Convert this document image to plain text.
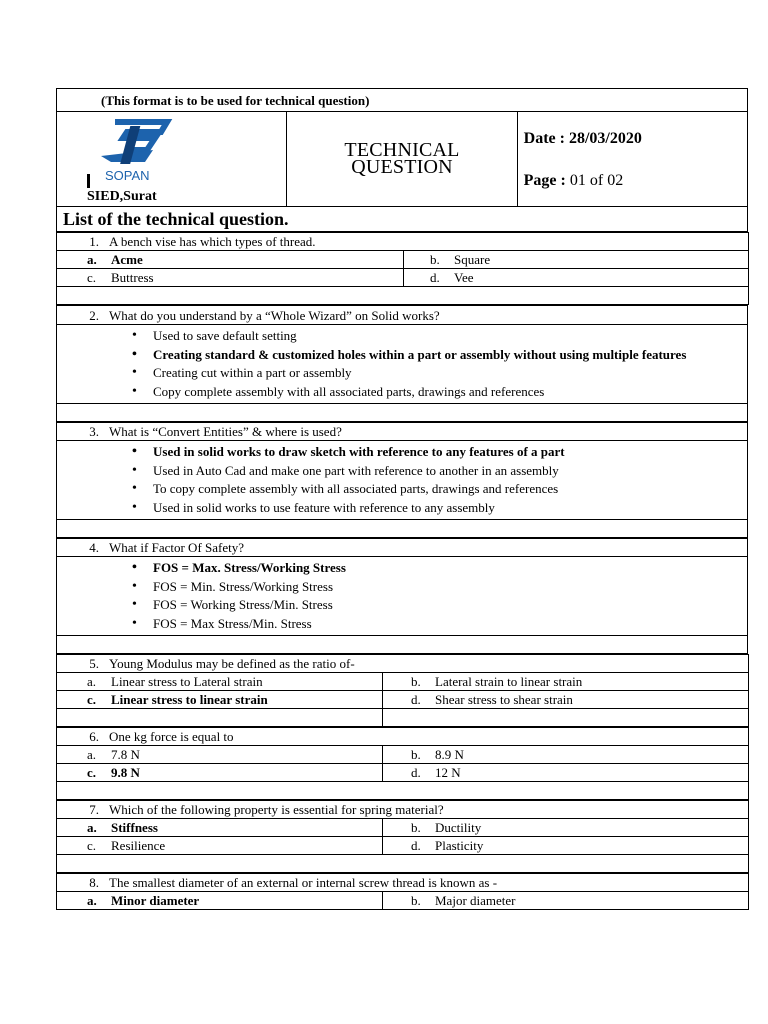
(This format is to be used for technical question)

SOPAN
SIED,Surat
	TECHNICAL QUESTION	
Date : 28/03/2020
Page : 01 of 02

List of the technical question.
1. A bench vise has which types of thread.	
a. Acme	b. Square
c. Buttress	d. Vee

2. What do you understand by a “Whole Wizard” on Solid works?

• Used to save default setting
• Creating standard & customized holes within a part or assembly without using multiple features
• Creating cut within a part or assembly
• Copy complete assembly with all associated parts, drawings and references

3. What is “Convert Entities” & where is used?

• Used in solid works to draw sketch with reference to any features of a part
• Used in Auto Cad and make one part with reference to another in an assembly
• To copy complete assembly with all associated parts, drawings and references
• Used in solid works to use feature with reference to any assembly

4. What if Factor Of Safety?

• FOS = Max. Stress/Working Stress
• FOS = Min. Stress/Working Stress
• FOS = Working Stress/Min. Stress
• FOS = Max Stress/Min. Stress

5. Young Modulus may be defined as the ratio of-	
a. Linear stress to Lateral strain	b. Lateral strain to linear strain
c. Linear stress to linear strain	d. Shear stress to shear strain

6. One kg force is equal to	
a. 7.8 N	b. 8.9 N
c. 9.8 N	d. 12 N

7. Which of the following property is essential for spring material?	
a. Stiffness	b. Ductility
c. Resilience	d. Plasticity

8. The smallest diameter of an external or internal screw thread is known as -
a. Minor diameter	b. Major diameter
